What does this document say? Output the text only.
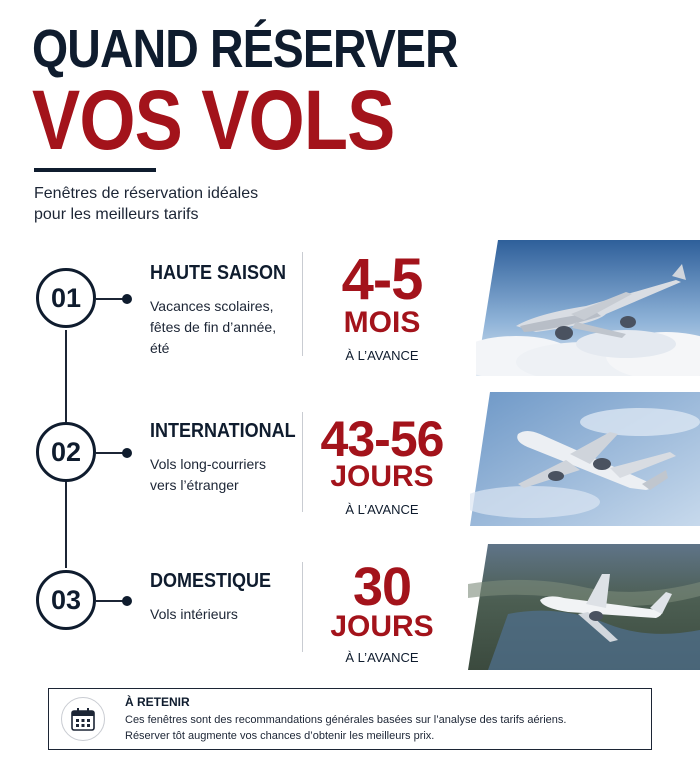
QUAND RÉSERVER
VOS VOLS
Fenêtres de réservation idéales
pour les meilleurs tarifs
01
HAUTE SAISON
Vacances scolaires,
fêtes de fin d’année,
été
4-5
MOIS
À L’AVANCE
02
INTERNATIONAL
Vols long-courriers
vers l’étranger
43-56
JOURS
À L’AVANCE
03
DOMESTIQUE
Vols intérieurs	30
JOURS
À L’AVANCE
À RETENIR
Ces fenêtres sont des recommandations générales basées sur l’analyse des tarifs aériens.
Réserver tôt augmente vos chances d’obtenir les meilleurs prix.
